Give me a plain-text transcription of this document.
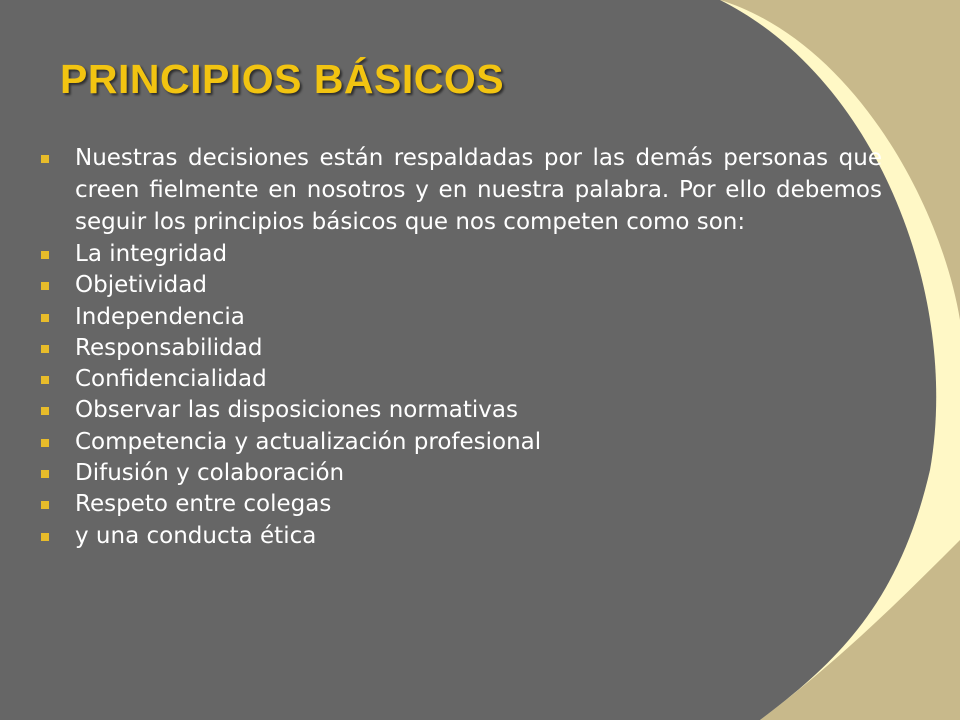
PRINCIPIOS BÁSICOS
Nuestras decisiones están respaldadas por las demás personas que creen fielmente en nosotros y en nuestra palabra. Por ello debemos seguir los principios básicos que nos competen como son:
La integridad
Objetividad
Independencia
Responsabilidad
Confidencialidad
Observar las disposiciones normativas
Competencia y actualización profesional
Difusión y colaboración
Respeto entre colegas
y una conducta ética
